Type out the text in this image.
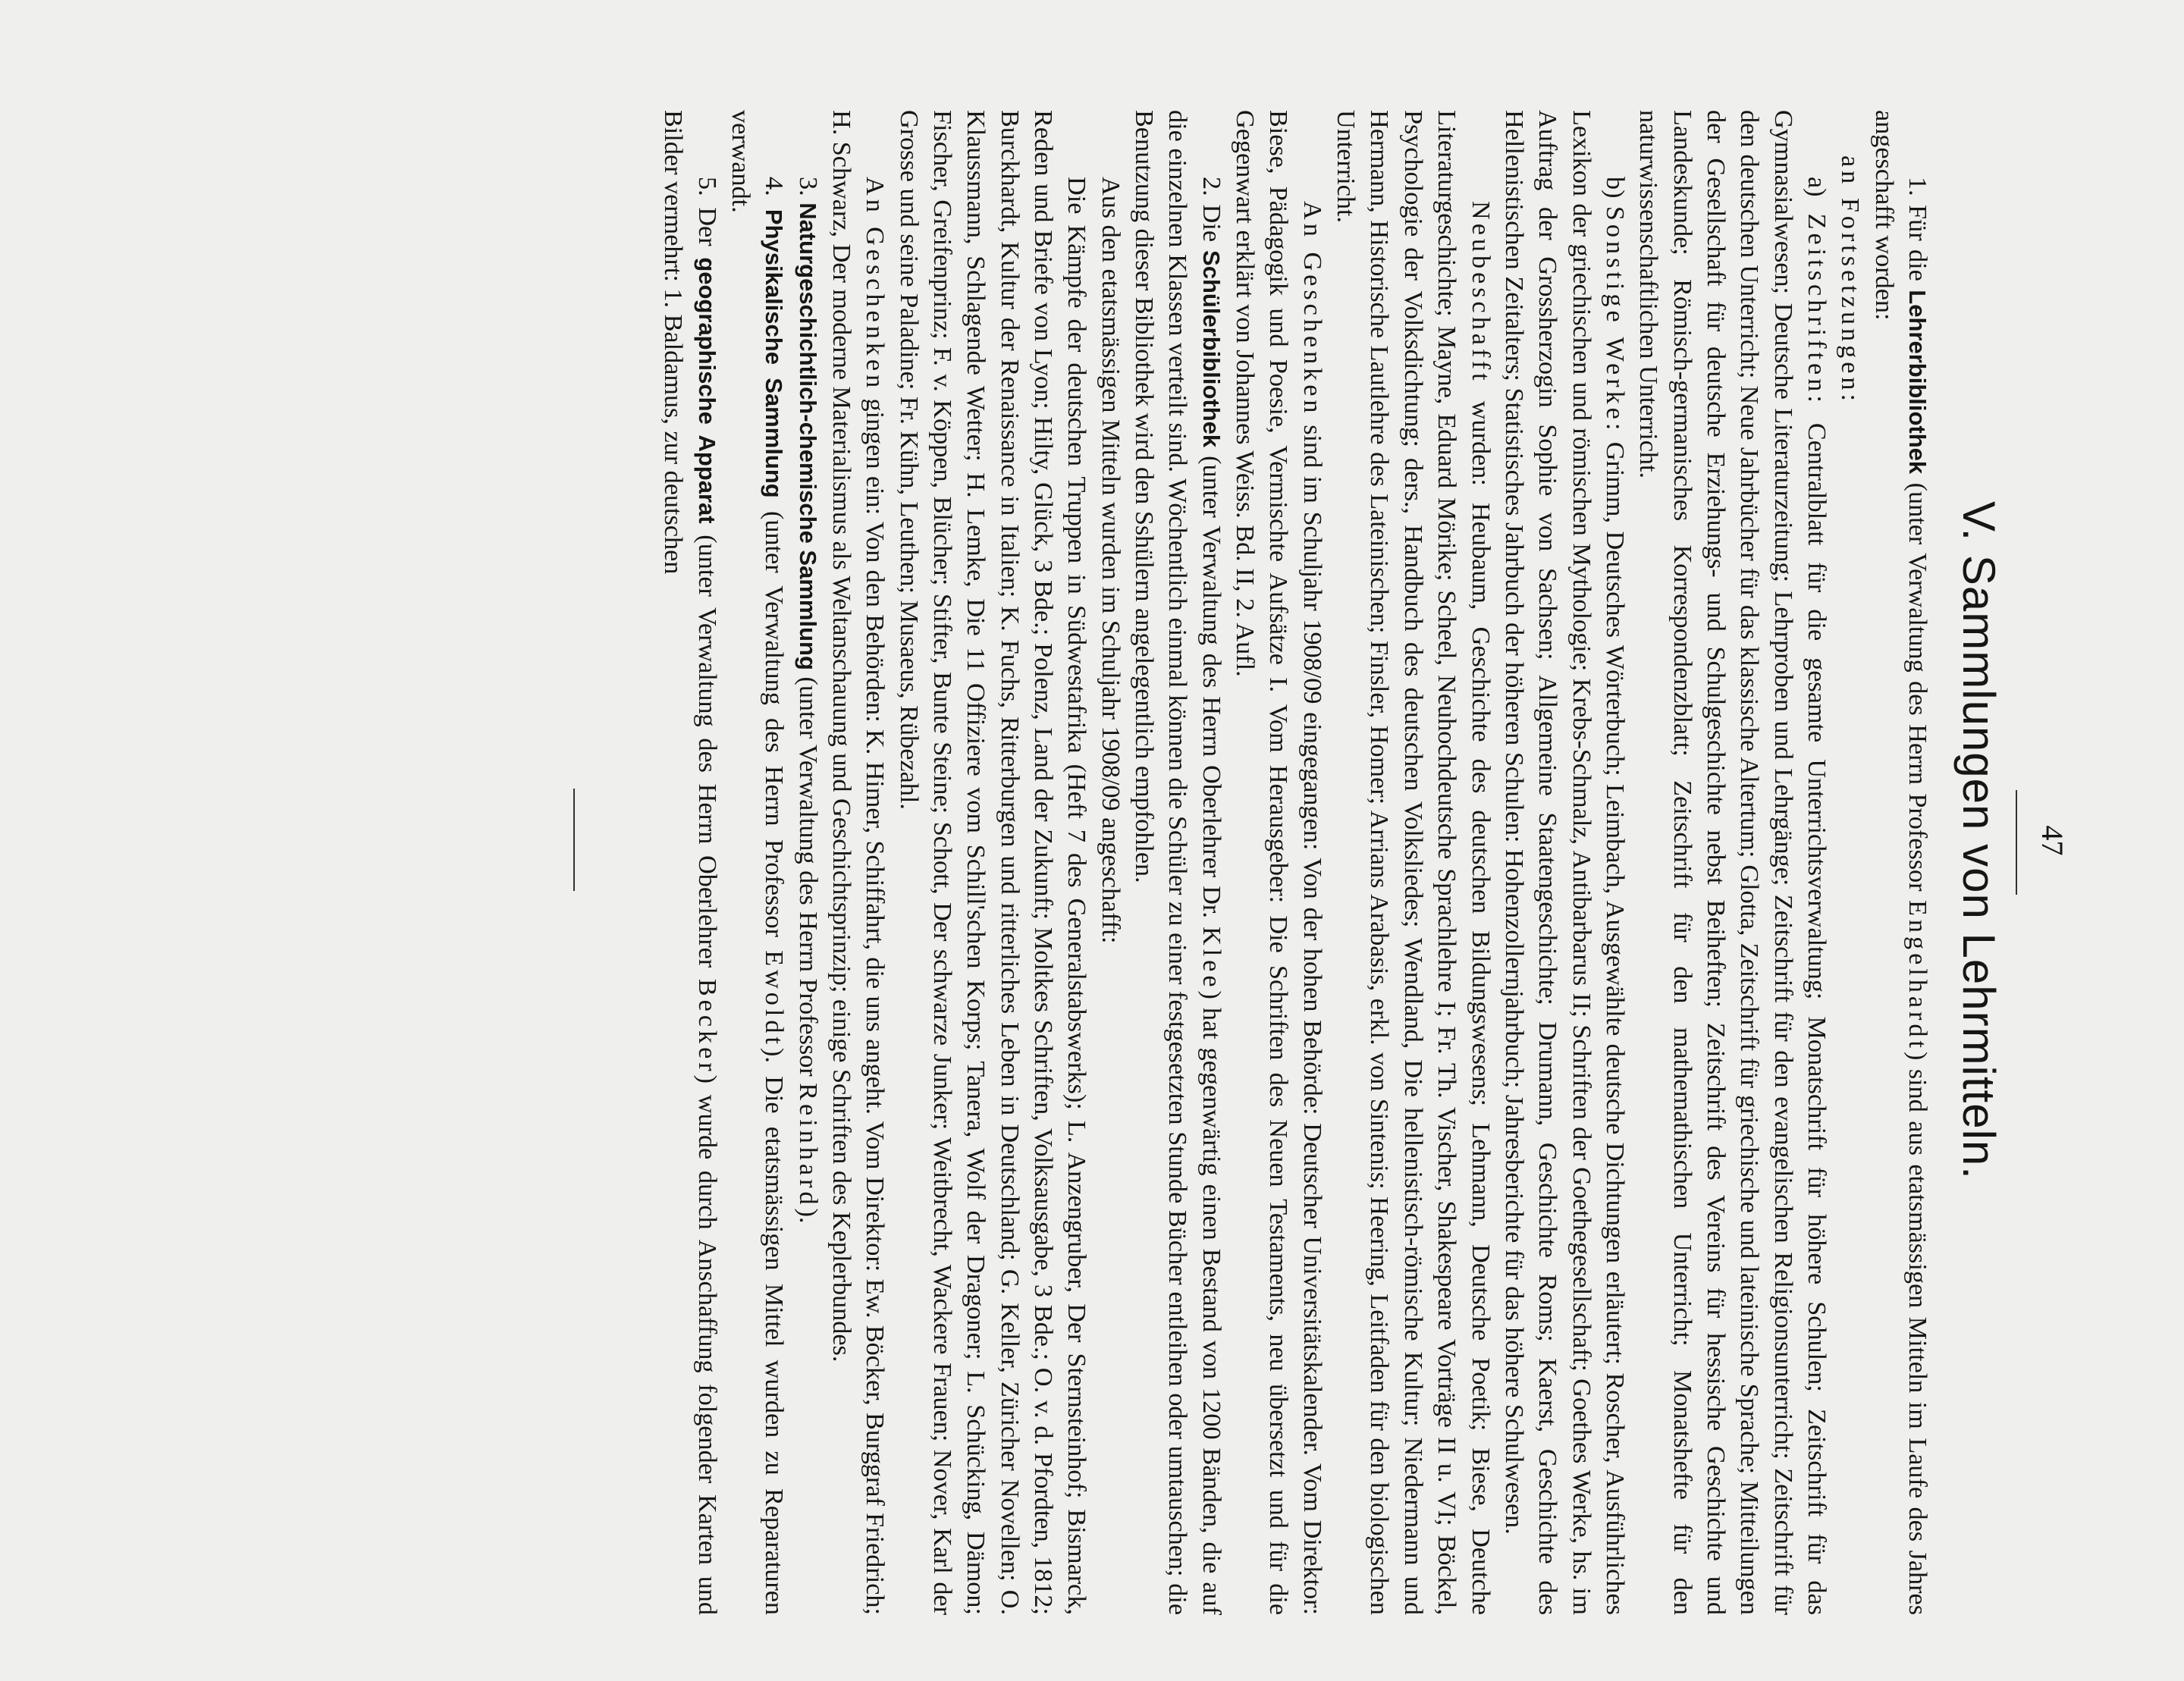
47
V. Sammlungen von Lehrmitteln.

1. Für die Lehrerbibliothek (unter Verwaltung des Herrn Professor Engelhardt) sind aus etatsmässigen Mitteln im Laufe des Jahres angeschafft worden:

an Fortsetzungen:

a) Zeitschriften: Centralblatt für die gesamte Unterrichtsverwaltung; Monatschrift für höhere Schulen; Zeitschrift für das Gymnasialwesen; Deutsche Literaturzeitung; Lehrproben und Lehrgänge; Zeitschrift für den evangelischen Religionsunterricht; Zeitschrift für den deutschen Unterricht; Neue Jahrbücher für das klassische Altertum; Glotta, Zeitschrift für griechische und lateinische Sprache; Mitteilungen der Gesellschaft für deutsche Erziehungs- und Schulgeschichte nebst Beiheften; Zeitschrift des Vereins für hessische Geschichte und Landeskunde; Römisch-germanisches Korrespondenzblatt; Zeitschrift für den mathemathischen Unterricht; Monatshefte für den naturwissenschaftlichen Unterricht.

b) Sonstige Werke: Grimm, Deutsches Wörterbuch; Leimbach, Ausgewählte deutsche Dichtungen erläutert; Roscher, Ausführliches Lexikon der griechischen und römischen Mythologie; Krebs-Schmalz, Antibarbarus II; Schriften der Goethegesellschaft; Goethes Werke, hs. im Auftrag der Grossherzogin Sophie von Sachsen; Allgemeine Staatengeschichte; Drumann, Geschichte Roms; Kaerst, Geschichte des Hellenistischen Zeitalters; Statistisches Jahrbuch der höheren Schulen: Hohenzollernjahrbuch; Jahresberichte für das höhere Schulwesen.

Neubeschafft wurden: Heubaum, Geschichte des deutschen Bildungswesens; Lehmann, Deutsche Poetik; Biese, Deutche Literaturgeschichte; Mayne, Eduard Mörike; Scheel, Neuhochdeutsche Sprachlehre I; Fr. Th. Vischer, Shakespeare Vorträge II u. VI; Böckel, Psychologie der Volksdichtung; ders., Handbuch des deutschen Volksliedes; Wendland, Die hellenistisch-römische Kultur; Niedermann und Hermann, Historische Lautlehre des Lateinischen; Finsler, Homer; Arrians Arabasis, erkl. von Sintenis; Heering, Leitfaden für den biologischen Unterricht.

An Geschenken sind im Schuljahr 1908/09 eingegangen: Von der hohen Behörde: Deutscher Universitätskalender. Vom Direktor: Biese, Pädagogik und Poesie, Vermischte Aufsätze I. Vom Herausgeber: Die Schriften des Neuen Testaments, neu übersetzt und für die Gegenwart erklärt von Johannes Weiss. Bd. II, 2. Aufl.

2. Die Schülerbibliothek (unter Verwaltung des Herrn Oberlehrer Dr. Klee) hat gegenwärtig einen Bestand von 1200 Bänden, die auf die einzelnen Klassen verteilt sind. Wöchentlich einmal können die Schüler zu einer festgesetzten Stunde Bücher entleihen oder umtauschen; die Benutzung dieser Bibliothek wird den Sshülern angelegentlich empfohlen.

Aus den etatsmässigen Mitteln wurden im Schuljahr 1908/09 angeschafft:

Die Kämpfe der deutschen Truppen in Südwestafrika (Heft 7 des Generalstabswerks); L. Anzengruber, Der Sternsteinhof; Bismarck, Reden und Briefe von Lyon; Hilty, Glück, 3 Bde.; Polenz, Land der Zukunft; Moltkes Schriften, Volksausgabe, 3 Bde.; O. v. d. Pfordten, 1812; Burckhardt, Kultur der Renaissance in Italien; K. Fuchs, Ritterburgen und ritterliches Leben in Deutschland; G. Keller, Züricher Novellen; O. Klaussmann, Schlagende Wetter; H. Lemke, Die 11 Offiziere vom Schill'schen Korps; Tanera, Wolf der Dragoner; L. Schücking, Dämon; Fischer, Greifenprinz; F. v. Köppen, Blücher; Stifter, Bunte Steine; Schott, Der schwarze Junker; Weitbrecht, Wackere Frauen; Nover, Karl der Grosse und seine Paladine; Fr. Kühn, Leuthen; Musaeus, Rübezahl.

An Geschenken gingen ein: Von den Behörden: K. Himer, Schiffahrt, die uns angeht. Vom Direktor: Ew. Böcker, Burggraf Friedrich; H. Schwarz, Der moderne Materialismus als Weltanschauung und Geschichtsprinzip; einige Schriften des Keplerbundes.

3. Naturgeschichtlich-chemische Sammlung (unter Verwaltung des Herrn Professor Reinhard).

4. Physikalische Sammlung (unter Verwaltung des Herrn Professor Ewoldt). Die etatsmässigen Mittel wurden zu Reparaturen verwandt.

5. Der geographische Apparat (unter Verwaltung des Herrn Oberlehrer Becker) wurde durch Anschaffung folgender Karten und Bilder vermehrt: 1. Baldamus, zur deutschen
